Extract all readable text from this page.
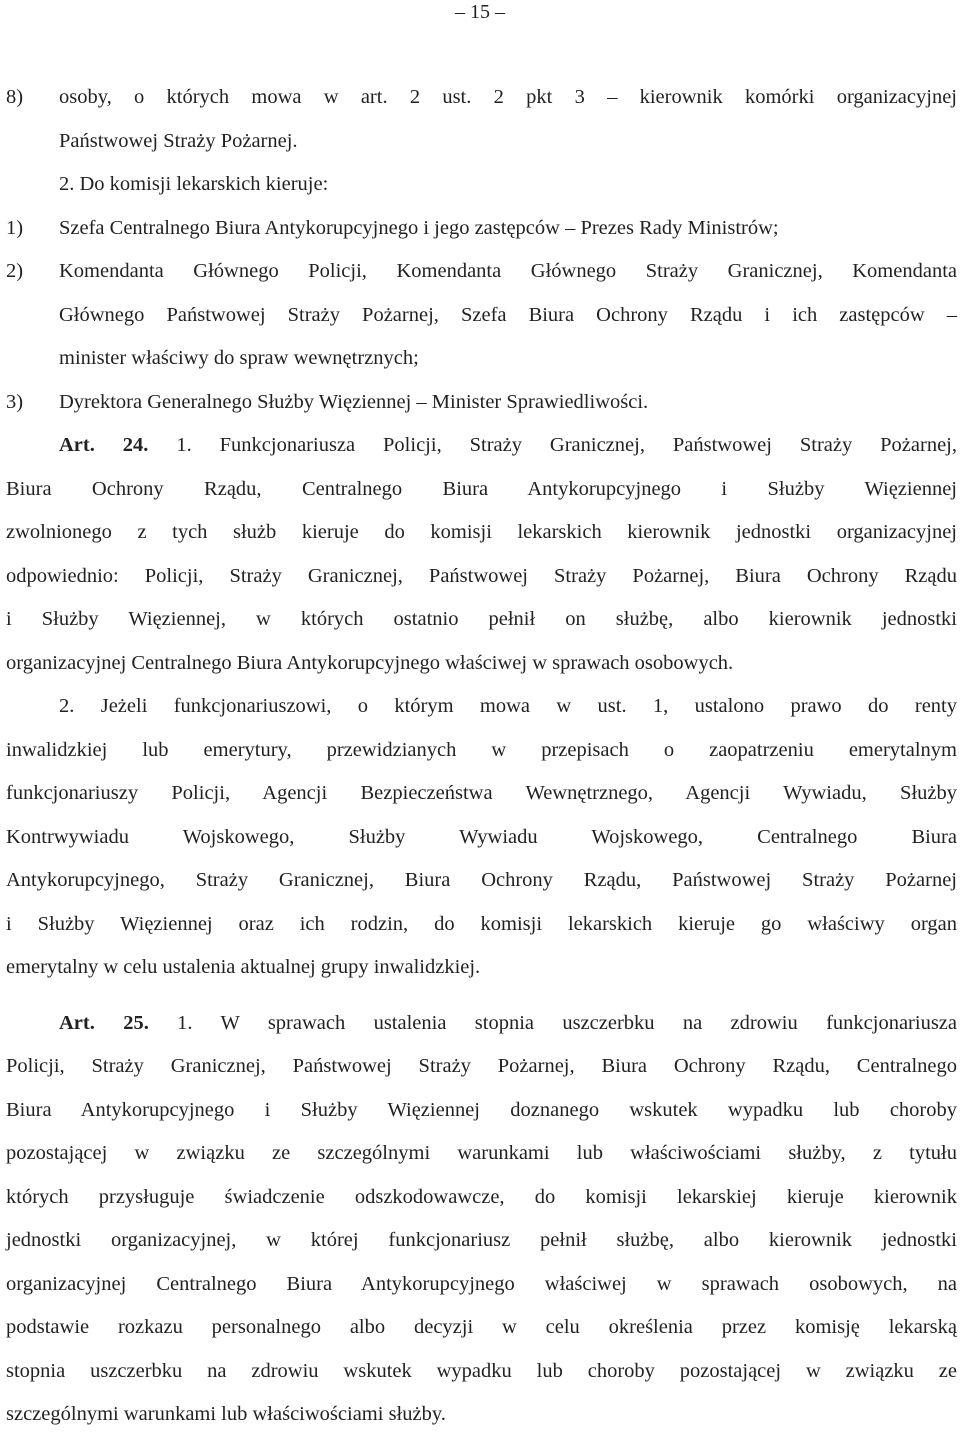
– 15 –
8) osoby, o których mowa w art. 2 ust. 2 pkt 3 – kierownik komórki organizacyjnej
Państwowej Straży Pożarnej.
2. Do komisji lekarskich kieruje:
1) Szefa Centralnego Biura Antykorupcyjnego i jego zastępców – Prezes Rady Ministrów;
2) Komendanta Głównego Policji, Komendanta Głównego Straży Granicznej, Komendanta
Głównego Państwowej Straży Pożarnej, Szefa Biura Ochrony Rządu i ich zastępców –
minister właściwy do spraw wewnętrznych;
3) Dyrektora Generalnego Służby Więziennej – Minister Sprawiedliwości.
Art. 24. 1. Funkcjonariusza Policji, Straży Granicznej, Państwowej Straży Pożarnej,
Biura Ochrony Rządu, Centralnego Biura Antykorupcyjnego i Służby Więziennej
zwolnionego z tych służb kieruje do komisji lekarskich kierownik jednostki organizacyjnej
odpowiednio: Policji, Straży Granicznej, Państwowej Straży Pożarnej, Biura Ochrony Rządu
i Służby Więziennej, w których ostatnio pełnił on służbę, albo kierownik jednostki
organizacyjnej Centralnego Biura Antykorupcyjnego właściwej w sprawach osobowych.
2. Jeżeli funkcjonariuszowi, o którym mowa w ust. 1, ustalono prawo do renty
inwalidzkiej lub emerytury, przewidzianych w przepisach o zaopatrzeniu emerytalnym
funkcjonariuszy Policji, Agencji Bezpieczeństwa Wewnętrznego, Agencji Wywiadu, Służby
Kontrwywiadu Wojskowego, Służby Wywiadu Wojskowego, Centralnego Biura
Antykorupcyjnego, Straży Granicznej, Biura Ochrony Rządu, Państwowej Straży Pożarnej
i Służby Więziennej oraz ich rodzin, do komisji lekarskich kieruje go właściwy organ
emerytalny w celu ustalenia aktualnej grupy inwalidzkiej.
Art. 25. 1. W sprawach ustalenia stopnia uszczerbku na zdrowiu funkcjonariusza
Policji, Straży Granicznej, Państwowej Straży Pożarnej, Biura Ochrony Rządu, Centralnego
Biura Antykorupcyjnego i Służby Więziennej doznanego wskutek wypadku lub choroby
pozostającej w związku ze szczególnymi warunkami lub właściwościami służby, z tytułu
których przysługuje świadczenie odszkodowawcze, do komisji lekarskiej kieruje kierownik
jednostki organizacyjnej, w której funkcjonariusz pełnił służbę, albo kierownik jednostki
organizacyjnej Centralnego Biura Antykorupcyjnego właściwej w sprawach osobowych, na
podstawie rozkazu personalnego albo decyzji w celu określenia przez komisję lekarską
stopnia uszczerbku na zdrowiu wskutek wypadku lub choroby pozostającej w związku ze
szczególnymi warunkami lub właściwościami służby.
